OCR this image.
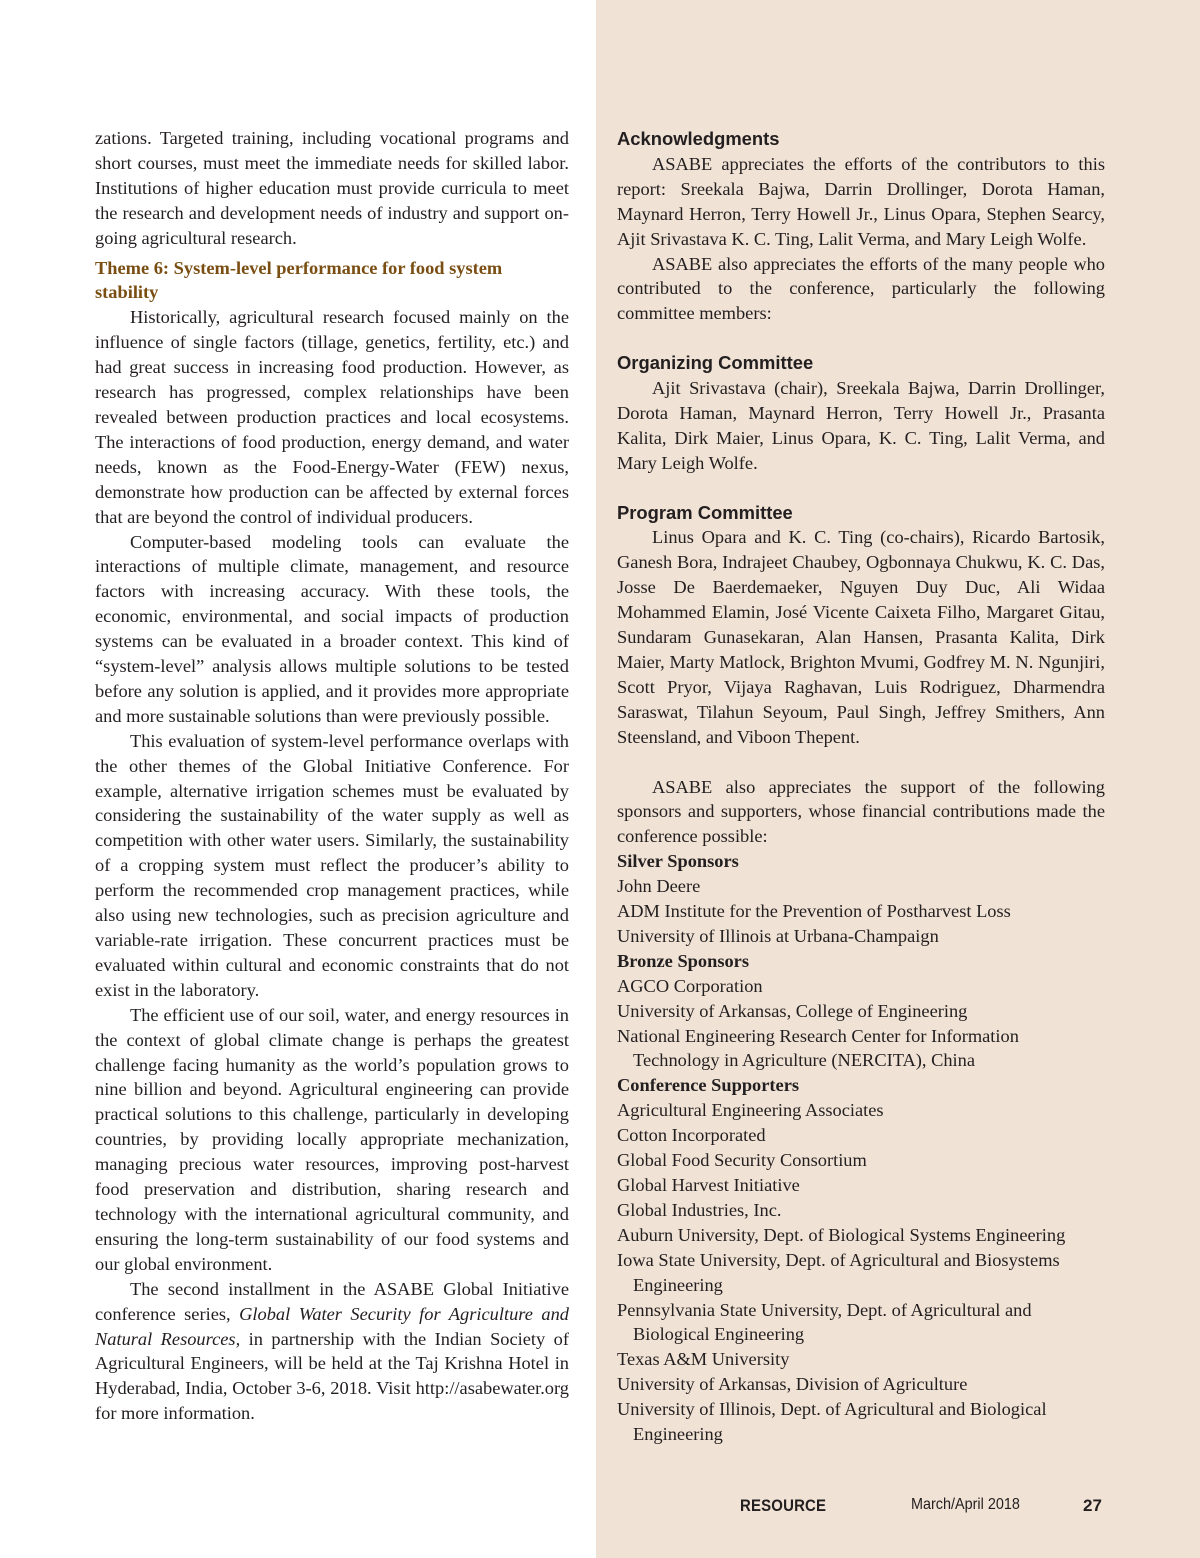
zations. Targeted training, including vocational programs and short courses, must meet the immediate needs for skilled labor. Institutions of higher education must provide curricula to meet the research and development needs of industry and support on-going agricultural research.

Theme 6: System-level performance for food system stability

Historically, agricultural research focused mainly on the influence of single factors (tillage, genetics, fertility, etc.) and had great success in increasing food production. However, as research has progressed, complex relationships have been revealed between production practices and local ecosystems. The interactions of food production, energy demand, and water needs, known as the Food-Energy-Water (FEW) nexus, demonstrate how production can be affected by external forces that are beyond the control of individual producers.

Computer-based modeling tools can evaluate the interactions of multiple climate, management, and resource factors with increasing accuracy. With these tools, the economic, environmental, and social impacts of production systems can be evaluated in a broader context. This kind of “system-level” analysis allows multiple solutions to be tested before any solution is applied, and it provides more appropriate and more sustainable solutions than were previously possible.

This evaluation of system-level performance overlaps with the other themes of the Global Initiative Conference. For example, alternative irrigation schemes must be evaluated by considering the sustainability of the water supply as well as competition with other water users. Similarly, the sustainability of a cropping system must reflect the producer’s ability to perform the recommended crop management practices, while also using new technologies, such as precision agriculture and variable-rate irrigation. These concurrent practices must be evaluated within cultural and economic constraints that do not exist in the laboratory.

The efficient use of our soil, water, and energy resources in the context of global climate change is perhaps the greatest challenge facing humanity as the world’s population grows to nine billion and beyond. Agricultural engineering can provide practical solutions to this challenge, particularly in developing countries, by providing locally appropriate mechanization, managing precious water resources, improving post-harvest food preservation and distribution, sharing research and technology with the international agricultural community, and ensuring the long-term sustainability of our food systems and our global environment.

The second installment in the ASABE Global Initiative conference series, Global Water Security for Agriculture and Natural Resources, in partnership with the Indian Society of Agricultural Engineers, will be held at the Taj Krishna Hotel in Hyderabad, India, October 3-6, 2018. Visit http://asabewater.org for more information.

Acknowledgments

ASABE appreciates the efforts of the contributors to this report: Sreekala Bajwa, Darrin Drollinger, Dorota Haman, Maynard Herron, Terry Howell Jr., Linus Opara, Stephen Searcy, Ajit Srivastava K. C. Ting, Lalit Verma, and Mary Leigh Wolfe.

ASABE also appreciates the efforts of the many people who contributed to the conference, particularly the following committee members:

Organizing Committee

Ajit Srivastava (chair), Sreekala Bajwa, Darrin Drollinger, Dorota Haman, Maynard Herron, Terry Howell Jr., Prasanta Kalita, Dirk Maier, Linus Opara, K. C. Ting, Lalit Verma, and Mary Leigh Wolfe.

Program Committee

Linus Opara and K. C. Ting (co-chairs), Ricardo Bartosik, Ganesh Bora, Indrajeet Chaubey, Ogbonnaya Chukwu, K. C. Das, Josse De Baerdemaeker, Nguyen Duy Duc, Ali Widaa Mohammed Elamin, José Vicente Caixeta Filho, Margaret Gitau, Sundaram Gunasekaran, Alan Hansen, Prasanta Kalita, Dirk Maier, Marty Matlock, Brighton Mvumi, Godfrey M. N. Ngunjiri, Scott Pryor, Vijaya Raghavan, Luis Rodriguez, Dharmendra Saraswat, Tilahun Seyoum, Paul Singh, Jeffrey Smithers, Ann Steensland, and Viboon Thepent.

ASABE also appreciates the support of the following sponsors and supporters, whose financial contributions made the conference possible:

Silver Sponsors

John Deere

ADM Institute for the Prevention of Postharvest Loss

University of Illinois at Urbana-Champaign

Bronze Sponsors

AGCO Corporation

University of Arkansas, College of Engineering

National Engineering Research Center for Information Technology in Agriculture (NERCITA), China

Conference Supporters

Agricultural Engineering Associates

Cotton Incorporated

Global Food Security Consortium

Global Harvest Initiative

Global Industries, Inc.

Auburn University, Dept. of Biological Systems Engineering

Iowa State University, Dept. of Agricultural and Biosystems Engineering

Pennsylvania State University, Dept. of Agricultural and Biological Engineering

Texas A&M University

University of Arkansas, Division of Agriculture

University of Illinois, Dept. of Agricultural and Biological Engineering

RESOURCE	March/April 2018	27
